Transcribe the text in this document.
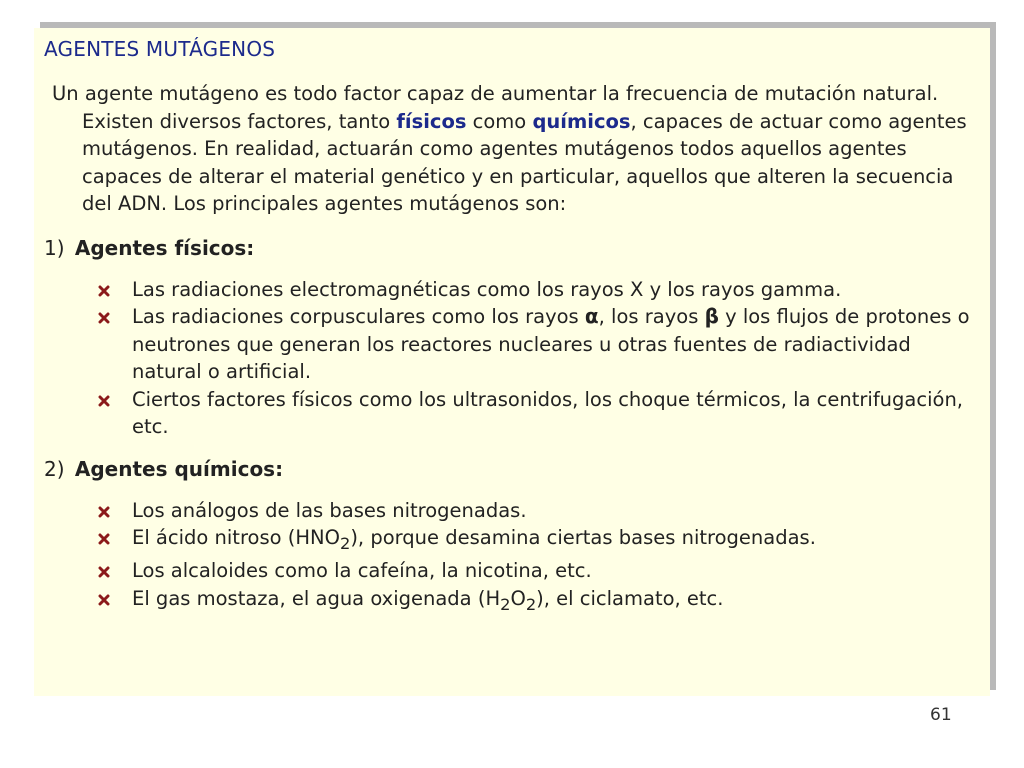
AGENTES MUTÁGENOS

Un agente mutágeno es todo factor capaz de aumentar la frecuencia de mutación natural. Existen diversos factores, tanto físicos como químicos, capaces de actuar como agentes mutágenos. En realidad, actuarán como agentes mutágenos todos aquellos agentes capaces de alterar el material genético y en particular, aquellos que alteren la secuencia del ADN. Los principales agentes mutágenos son:

1) Agentes físicos:
Las radiaciones electromagnéticas como los rayos X y los rayos gamma.
Las radiaciones corpusculares como los rayos α, los rayos β y los flujos de protones o neutrones que generan los reactores nucleares u otras fuentes de radiactividad natural o artificial.
Ciertos factores físicos como los ultrasonidos, los choque térmicos, la centrifugación, etc.
2) Agentes químicos:
Los análogos de las bases nitrogenadas.
El ácido nitroso $(HNO_2)$, porque desamina ciertas bases nitrogenadas.
Los alcaloides como la cafeína, la nicotina, etc.
El gas mostaza, el agua oxigenada $(H_2O_2)$, el ciclamato, etc.
61
